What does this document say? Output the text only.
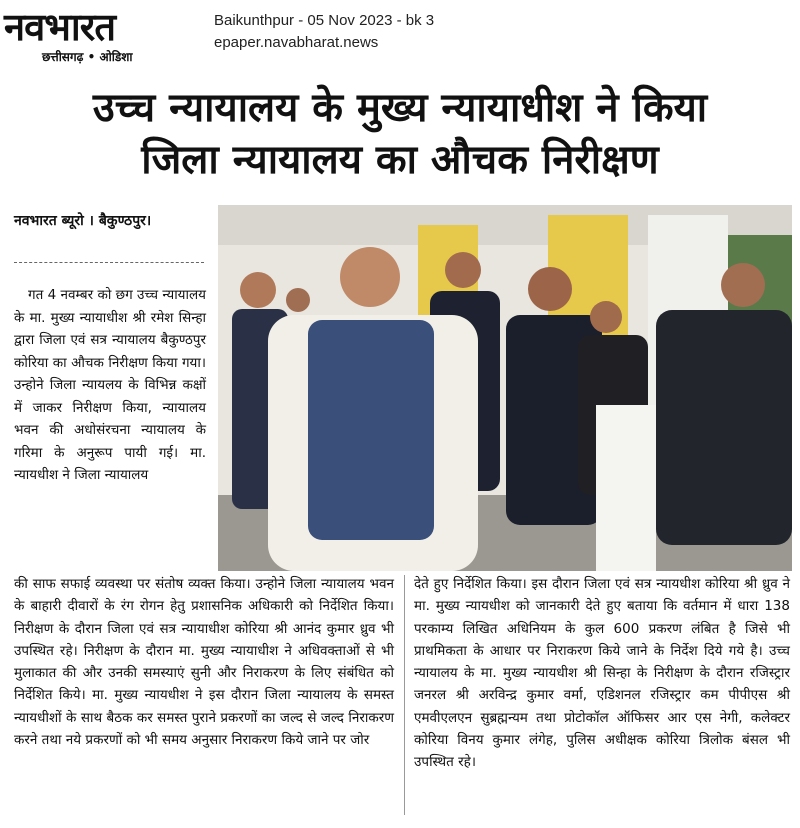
नवभारत
छत्तीसगढ़ • ओडिशा
Baikunthpur - 05 Nov 2023 - bk 3
epaper.navabharat.news
उच्च न्यायालय के मुख्य न्यायाधीश ने किया
जिला न्यायालय का औचक निरीक्षण
नवभारत ब्यूरो । बैकुण्ठपुर।

गत 4 नवम्बर को छग उच्च न्यायालय के मा. मुख्य न्यायाधीश श्री रमेश सिन्हा द्वारा जिला एवं सत्र न्यायालय बैकुण्ठपुर कोरिया का औचक निरीक्षण किया गया। उन्होने जिला न्यायलय के विभिन्न कक्षों में जाकर निरीक्षण किया, न्यायालय भवन की अधोसंरचना न्यायालय के गरिमा के अनुरूप पायी गई। मा. न्यायधीश ने जिला न्यायालय

की साफ सफाई व्यवस्था पर संतोष व्यक्त किया। उन्होने जिला न्यायालय भवन के बाहारी दीवारों के रंग रोगन हेतु प्रशासनिक अधिकारी को निर्देशित किया। निरीक्षण के दौरान जिला एवं सत्र न्यायाधीश कोरिया श्री आनंद कुमार ध्रुव भी उपस्थित रहे। निरीक्षण के दौरान मा. मुख्य न्यायाधीश ने अधिवक्ताओं से भी मुलाकात की और उनकी समस्याएं सुनी और निराकरण के लिए संबंधित को निर्देशित किये। मा. मुख्य न्यायधीश ने इस दौरान जिला न्यायालय के समस्त न्यायधीशों के साथ बैठक कर समस्त पुराने प्रकरणों का जल्द से जल्द निराकरण करने तथा नये प्रकरणों को भी समय अनुसार निराकरण किये जाने पर जोर

देते हुए निर्देशित किया। इस दौरान जिला एवं सत्र न्यायधीश कोरिया श्री ध्रुव ने मा. मुख्य न्यायधीश को जानकारी देते हुए बताया कि वर्तमान में धारा 138 परकाम्य लिखित अधिनियम के कुल 600 प्रकरण लंबित है जिसे भी प्राथमिकता के आधार पर निराकरण किये जाने के निर्देश दिये गये है। उच्च न्यायालय के मा. मुख्य न्यायधीश श्री सिन्हा के निरीक्षण के दौरान रजिस्ट्रार जनरल श्री अरविन्द्र कुमार वर्मा, एडिशनल रजिस्ट्रार कम पीपीएस श्री एमवीएलएन सुब्रह्मन्यम तथा प्रोटोकॉल ऑफिसर आर एस नेगी, कलेक्टर कोरिया विनय कुमार लंगेह, पुलिस अधीक्षक कोरिया त्रिलोक बंसल भी उपस्थित रहे।
